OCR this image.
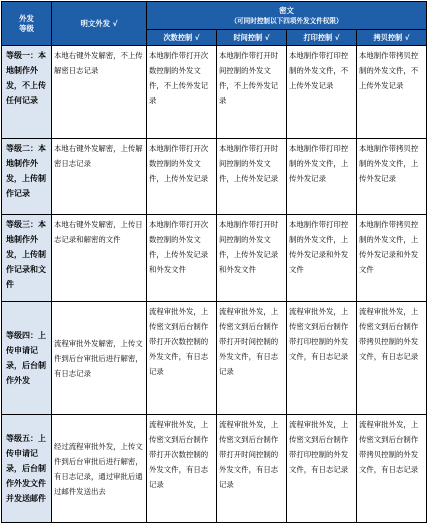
外发
等级	明文外发 √	密文
（可同时控制以下四项外发文件权限）			

		次数控制 √	时间控制 √	打印控制 √	拷贝控制 √
等级一：本地制作外发，不上传任何记录	本地右键外发解密，不上传解密日志记录	本地制作带打开次数控制的外发文件，不上传外发记录	本地制作带打开时间控制的外发文件，不上传外发记录	本地制作带打印控制的外发文件，不上传外发记录	本地制作带拷贝控制的外发文件，不上传外发记录
等级二：本地制作外发，上传制作记录	本地右键外发解密，上传解密日志记录	本地制作带打开次数控制的外发文件，上传外发记录	本地制作带打开时间控制的外发文件，上传外发记录	本地制作带打印控制的外发文件，上传外发记录	本地制作带拷贝控制的外发文件，上传外发记录
等级三：本地制作外发，上传制作记录和文件	本地右键外发解密，上传日志记录和解密的文件	本地制作带打开次数控制的外发文件，上传外发记录和外发文件	本地制作带打开时间控制的外发文件，上传外发记录和外发文件	本地制作带打印控制的外发文件，上传外发记录和外发文件	本地制作带拷贝控制的外发文件，上传外发记录和外发文件
等级四：上传申请记录，后台制作外发	流程审批外发解密，上传文件到后台审批后进行解密，有日志记录	流程审批外发，上传密文到后台制作带打开次数控制的外发文件，有日志记录	流程审批外发，上传密文到后台制作带打开时间控制的外发文件，有日志记录	流程审批外发，上传密文到后台制作带打印控制的外发文件，有日志记录	流程审批外发，上传密文到后台制作带拷贝控制的外发文件，有日志记录
等级五：上传申请记录，后台制作外发文件并发送邮件	经过流程审批外发，上传文件到后台审批后进行解密，有日志记录，通过审批后通过邮件发送出去	流程审批外发，上传密文到后台制作带打开次数控制的外发文件，有日志记录	流程审批外发，上传密文到后台制作带打开时间控制的外发文件，有日志记录	流程审批外发，上传密文到后台制作带打印控制的外发文件，有日志记录	流程审批外发，上传密文到后台制作带拷贝控制的外发文件，有日志记录
